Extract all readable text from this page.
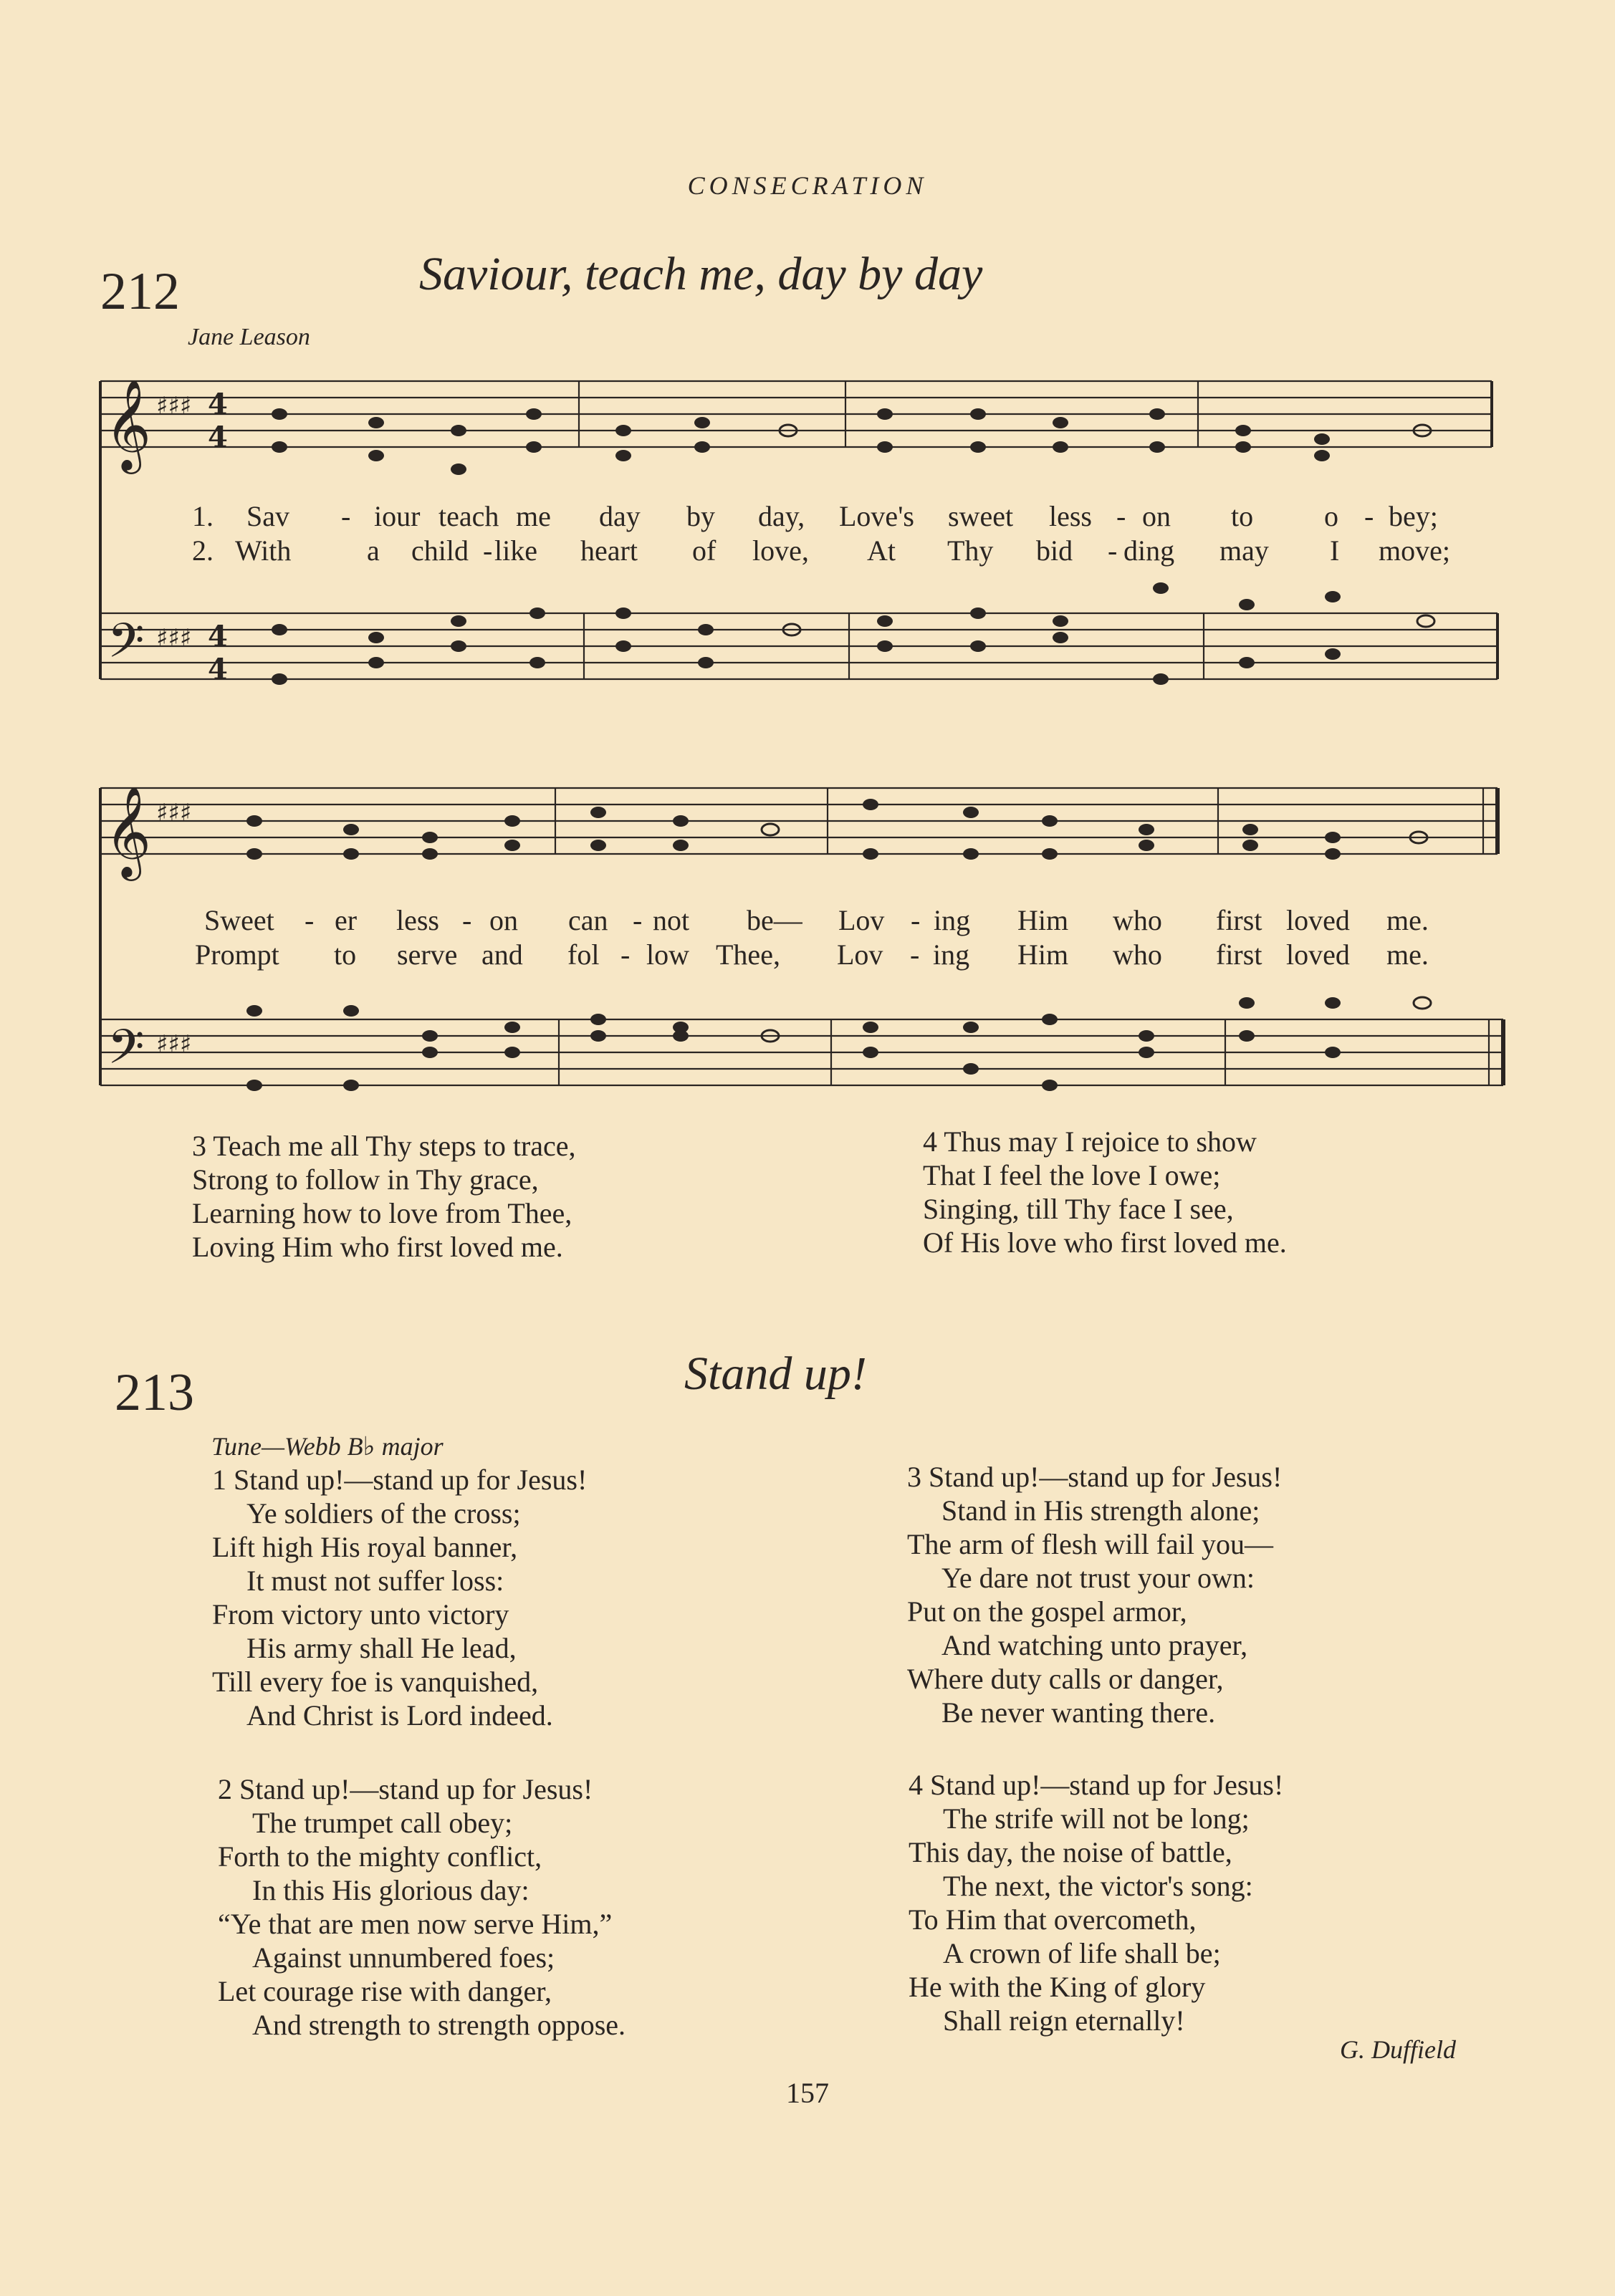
CONSECRATION
212	Saviour, teach me, day by day
Jane Leason
𝄞 ♯♯♯ 4
4
𝄢 ♯♯♯ 4
4
1. Sav - iour teach me day by day, Love's sweet less - on to o - bey;
2. With	a child - like heart of love, At Thy bid - ding may I move;
𝄞 ♯♯♯
𝄢 ♯♯♯
Sweet - er less - on can - not be— Lov - ing Him who first loved me.
Prompt to serve and fol - low Thee, Lov - ing Him who first loved me.
3 Teach me all Thy steps to trace,
Strong to follow in Thy grace,
Learning how to love from Thee,
Loving Him who first loved me.
4 Thus may I rejoice to show
That I feel the love I owe;
Singing, till Thy face I see,
Of His love who first loved me.
213	Stand up!
Tune—Webb B♭ major
1 Stand up!—stand up for Jesus!
Ye soldiers of the cross;
Lift high His royal banner,
It must not suffer loss:
From victory unto victory
His army shall He lead,
Till every foe is vanquished,
And Christ is Lord indeed.
2 Stand up!—stand up for Jesus!
The trumpet call obey;
Forth to the mighty conflict,
In this His glorious day:
“Ye that are men now serve Him,”
Against unnumbered foes;
Let courage rise with danger,
And strength to strength oppose.
3 Stand up!—stand up for Jesus!
Stand in His strength alone;
The arm of flesh will fail you—
Ye dare not trust your own:
Put on the gospel armor,
And watching unto prayer,
Where duty calls or danger,
Be never wanting there.
4 Stand up!—stand up for Jesus!
The strife will not be long;
This day, the noise of battle,
The next, the victor's song:
To Him that overcometh,
A crown of life shall be;
He with the King of glory
Shall reign eternally!
G. Duffield
157
